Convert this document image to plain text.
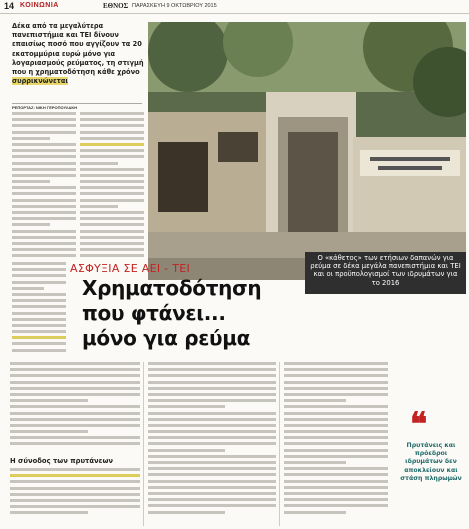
14 ΚΟΙΝΩΝΙΑ	ΕΘΝΟΣ ΠΑΡΑΣΚΕΥΗ 9 ΟΚΤΩΒΡΙΟΥ 2015
Δέκα από τα μεγαλύτερα πανεπιστήμια και ΤΕΙ δίνουν επαισίως ποσό που αγγίζουν τα 20 εκατομμύρια ευρώ μόνο για λογαριασμούς ρεύματος, τη στιγμή που η χρηματοδότηση κάθε χρόνο συρρικνώνεται
ΡΕΠΟΡΤΑΖ: ΝΙΚΗ ΓΕΡΟΠΟΥΛΑΚΗ
Ο «κάθετος» των ετήσιων δαπανών για ρεύμα σε δέκα μεγάλα πανεπιστήμια και ΤΕΙ και οι προϋπολογισμοί των ιδρυμάτων για το 2016
ΑΣΦΥΞΙΑ ΣΕ ΑΕΙ - ΤΕΙ
Χρηματοδότηση
που φτάνει...
μόνο για ρεύμα
Η σύνοδος των πρυτάνεων
❝
Πρυτάνεις και πρόεδροι ιδρυμάτων δεν αποκλείουν και στάση πληρωμών
